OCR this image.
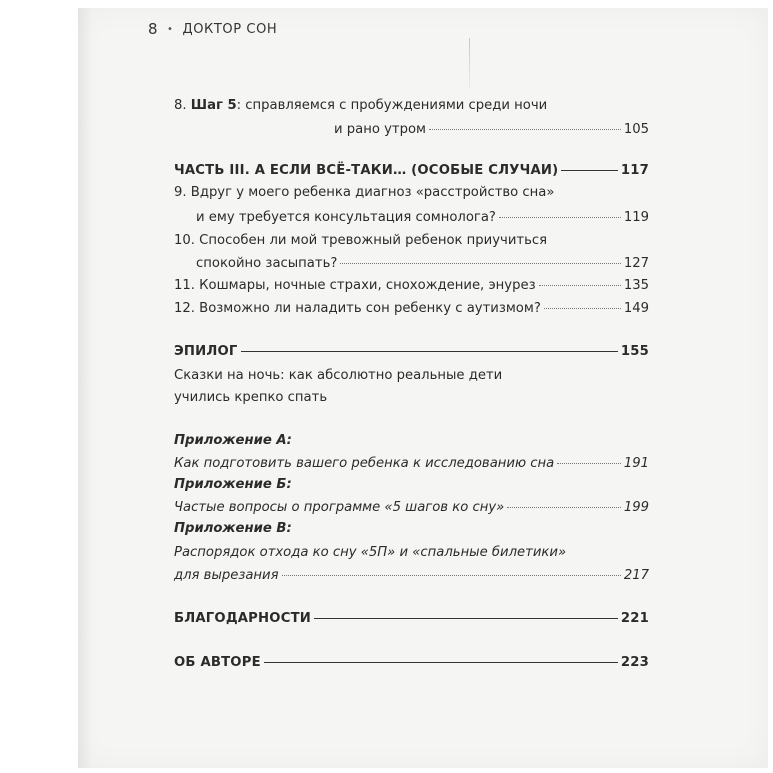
8 • ДОКТОР СОН
8. Шаг 5: справляемся с пробуждениями среди ночи
и рано утром	105
ЧАСТЬ III. А ЕСЛИ ВСЁ-ТАКИ… (ОСОБЫЕ СЛУЧАИ)	117
9. Вдруг у моего ребенка диагноз «расстройство сна»
и ему требуется консультация сомнолога?	119
10. Способен ли мой тревожный ребенок приучиться
спокойно засыпать?	127
11. Кошмары, ночные страхи, снохождение, энурез	135
12. Возможно ли наладить сон ребенку с аутизмом?	149
ЭПИЛОГ	155
Сказки на ночь: как абсолютно реальные дети
учились крепко спать
Приложение А:
Как подготовить вашего ребенка к исследованию сна	191
Приложение Б:
Частые вопросы о программе «5 шагов ко сну»	199
Приложение В:
Распорядок отхода ко сну «5П» и «спальные билетики»
для вырезания	217
БЛАГОДАРНОСТИ	221
ОБ АВТОРЕ	223
